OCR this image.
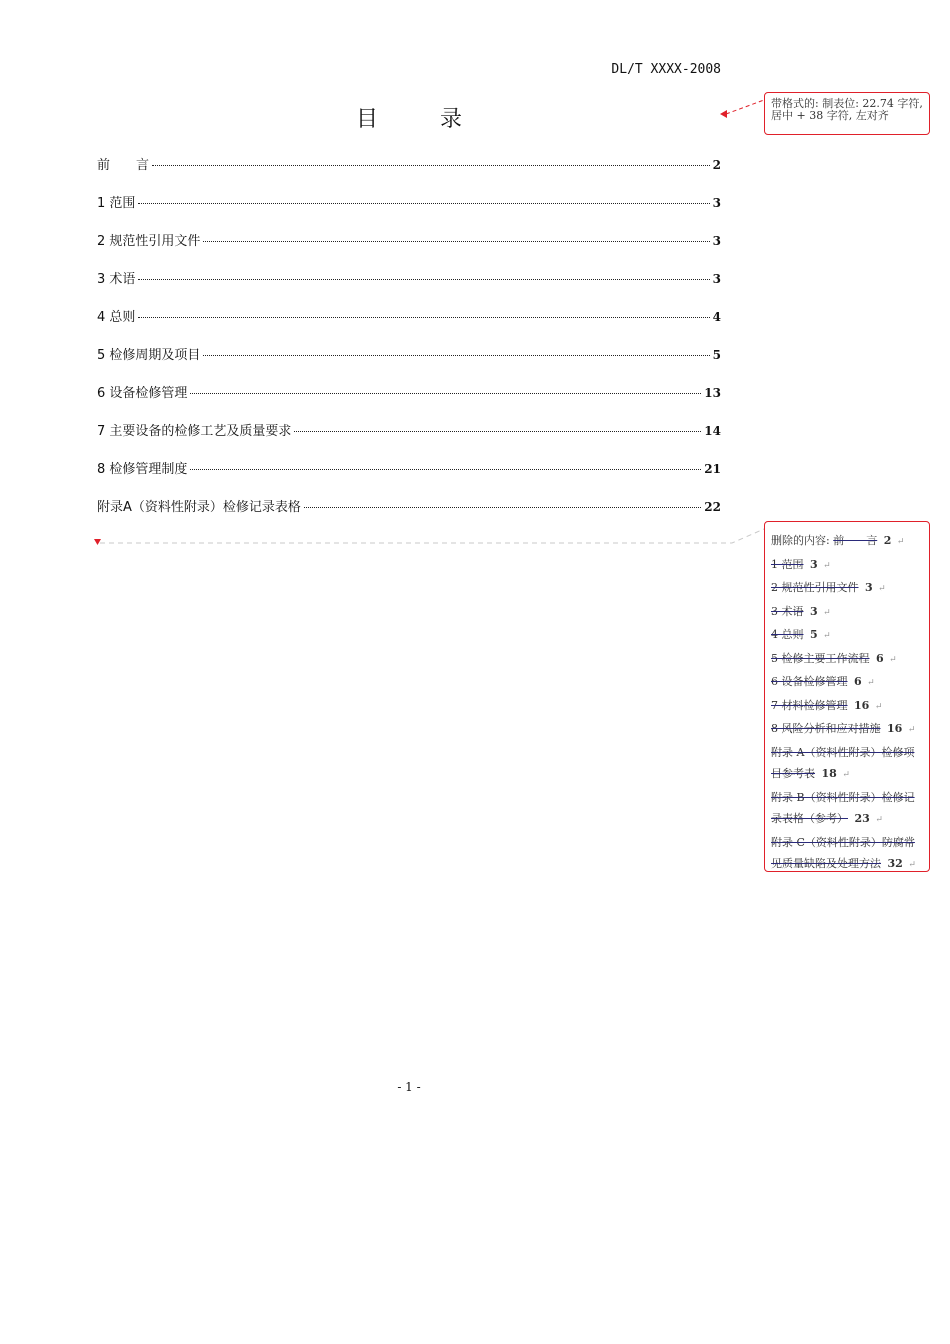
DL/T XXXX-2008
目录
前　　言	2
1 范围	3
2 规范性引用文件	3
3 术语	3
4 总则	4
5 检修周期及项目	5
6 设备检修管理	13
7 主要设备的检修工艺及质量要求	14
8 检修管理制度	21
附录A（资料性附录）检修记录表格	22
带格式的: 制表位: 22.74 字符, 居中 + 38 字符, 左对齐
删除的内容: 前　　言 2 ↵
1 范围 3 ↵
2 规范性引用文件 3 ↵
3 术语 3 ↵
4 总则 5 ↵
5 检修主要工作流程 6 ↵
6 设备检修管理 6 ↵
7 材料检修管理 16 ↵
8 风险分析和应对措施 16 ↵
附录 A（资料性附录）检修项目参考表 18 ↵
附录 B（资料性附录）检修记录表格（参考） 23 ↵
附录 C（资料性附录）防腐常见质量缺陷及处理方法 32 ↵
- 1 -
